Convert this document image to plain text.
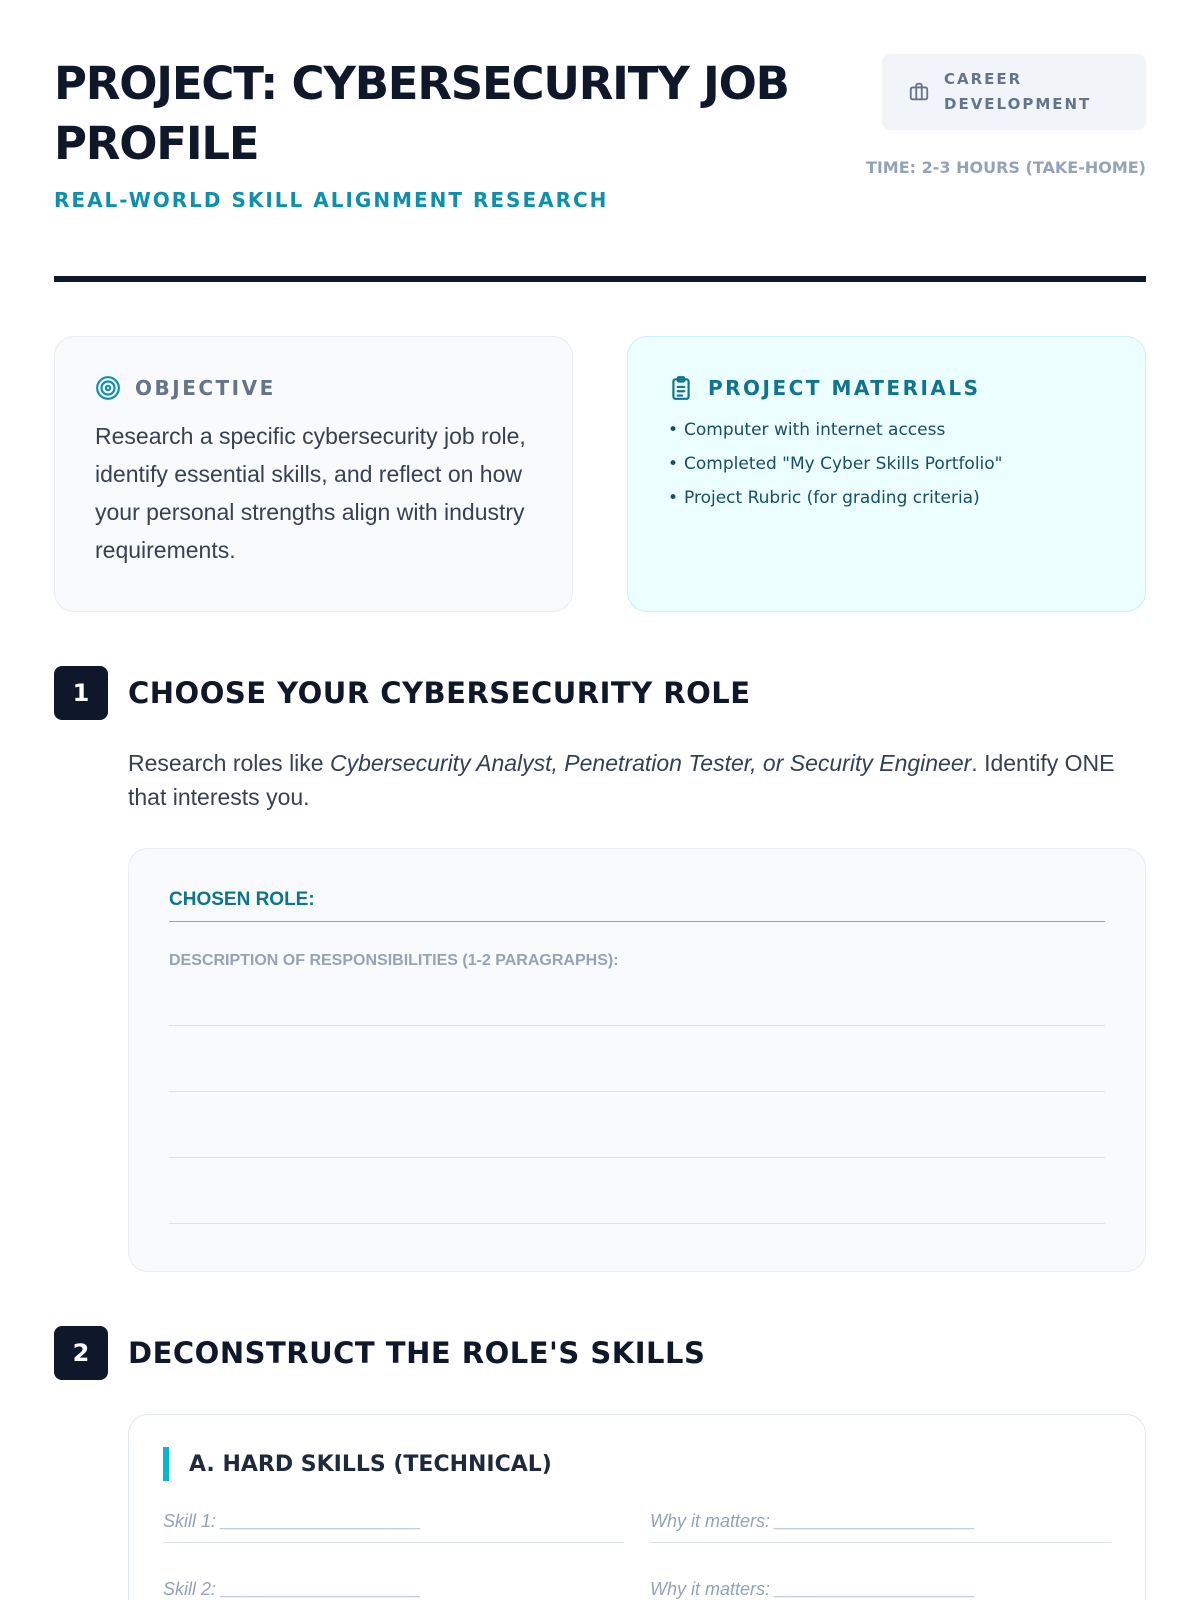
PROJECT: CYBERSECURITY JOB PROFILE
REAL-WORLD SKILL ALIGNMENT RESEARCH
CAREER DEVELOPMENT
TIME: 2-3 HOURS (TAKE-HOME)
OBJECTIVE

Research a specific cybersecurity job role, identify essential skills, and reflect on how your personal strengths align with industry requirements.

PROJECT MATERIALS
• Computer with internet access
• Completed "My Cyber Skills Portfolio"
• Project Rubric (for grading criteria)
1	CHOOSE YOUR CYBERSECURITY ROLE

Research roles like Cybersecurity Analyst, Penetration Tester, or Security Engineer. Identify ONE that interests you.

CHOSEN ROLE:
DESCRIPTION OF RESPONSIBILITIES (1-2 PARAGRAPHS):
2	DECONSTRUCT THE ROLE'S SKILLS
A. HARD SKILLS (TECHNICAL)
Skill 1: ____________________	Why it matters: ____________________
Skill 2: ____________________	Why it matters: ____________________
